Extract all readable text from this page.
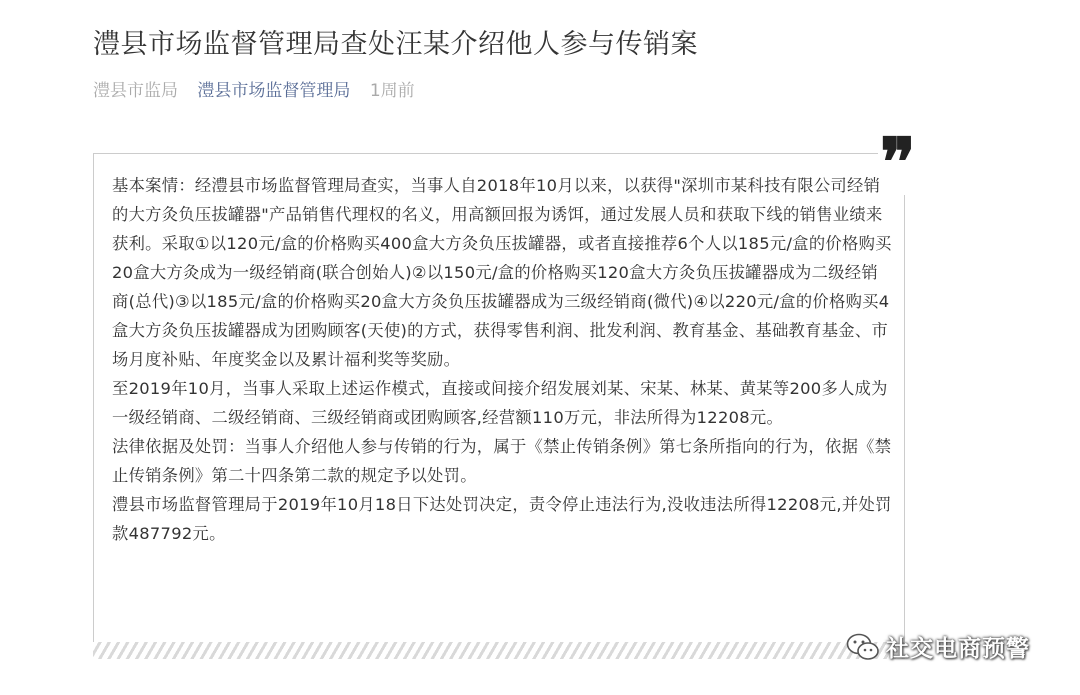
澧县市场监督管理局查处汪某介绍他人参与传销案
澧县市监局 澧县市场监督管理局 1周前
❞

基本案情：经澧县市场监督管理局查实，当事人自2018年10月以来，以获得"深圳市某科技有限公司经销的大方灸负压拔罐器"产品销售代理权的名义，用高额回报为诱饵，通过发展人员和获取下线的销售业绩来获利。采取①以120元/盒的价格购买400盒大方灸负压拔罐器，或者直接推荐6个人以185元/盒的价格购买20盒大方灸成为一级经销商(联合创始人)②以150元/盒的价格购买120盒大方灸负压拔罐器成为二级经销商(总代)③以185元/盒的价格购买20盒大方灸负压拔罐器成为三级经销商(微代)④以220元/盒的价格购买4盒大方灸负压拔罐器成为团购顾客(天使)的方式，获得零售利润、批发利润、教育基金、基础教育基金、市场月度补贴、年度奖金以及累计福利奖等奖励。

至2019年10月，当事人采取上述运作模式，直接或间接介绍发展刘某、宋某、林某、黄某等200多人成为一级经销商、二级经销商、三级经销商或团购顾客,经营额110万元，非法所得为12208元。

法律依据及处罚：当事人介绍他人参与传销的行为，属于《禁止传销条例》第七条所指向的行为，依据《禁止传销条例》第二十四条第二款的规定予以处罚。

澧县市场监督管理局于2019年10月18日下达处罚决定，责令停止违法行为,没收违法所得12208元,并处罚款487792元。

社交电商预警
